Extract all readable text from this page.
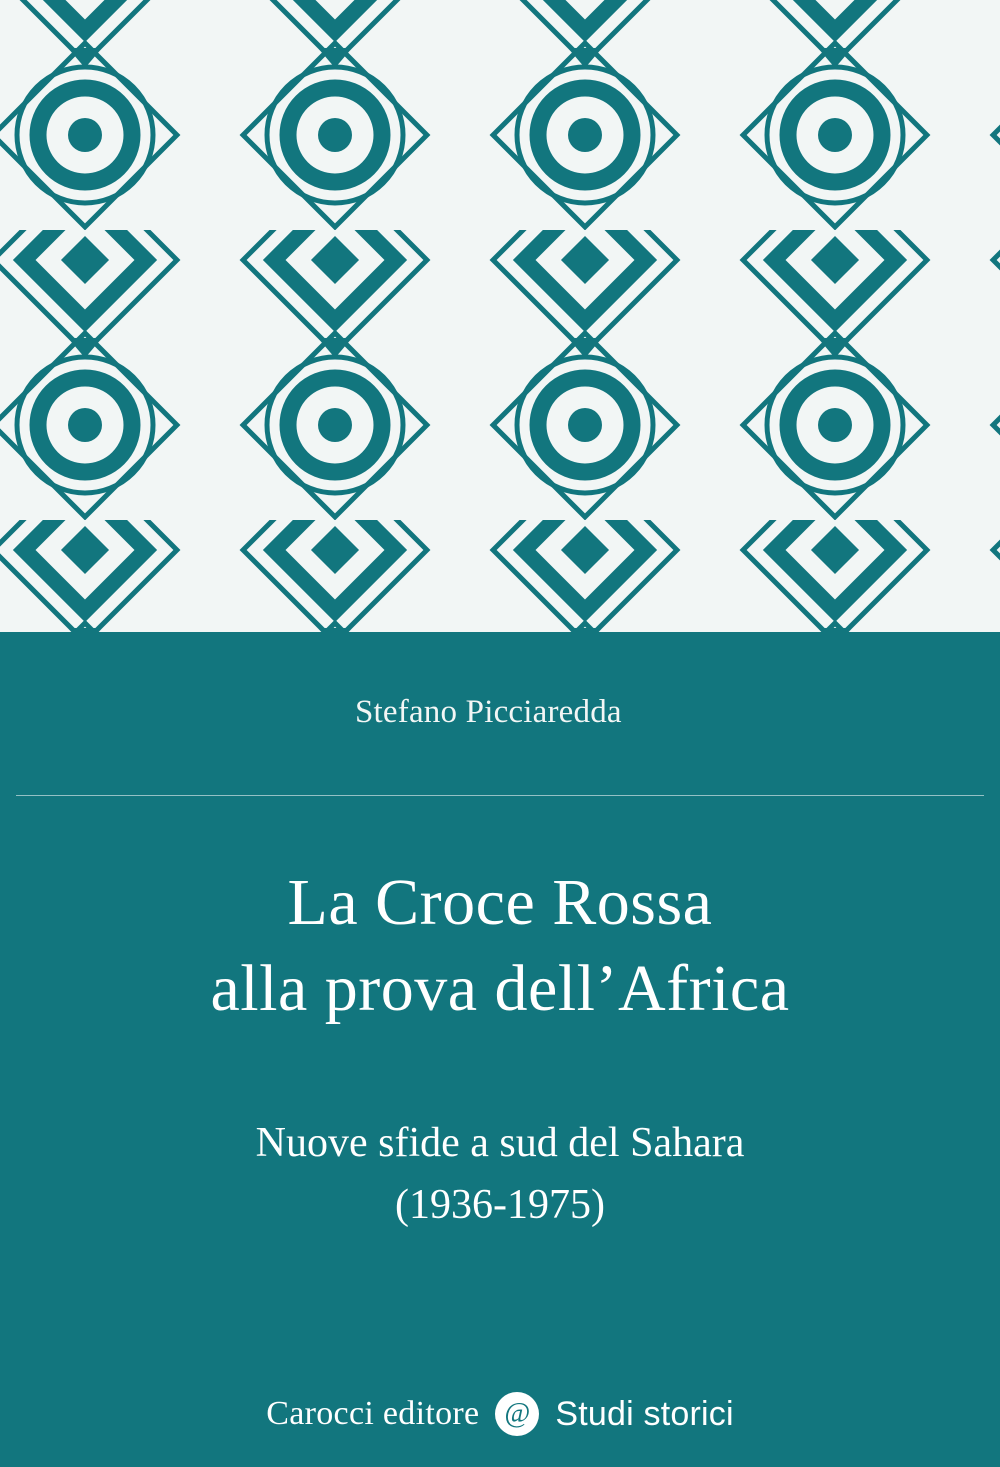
Stefano Picciaredda
La Croce Rossa
alla prova dell’Africa
Nuove sfide a sud del Sahara
(1936-1975)
Carocci editore @ Studi storici
